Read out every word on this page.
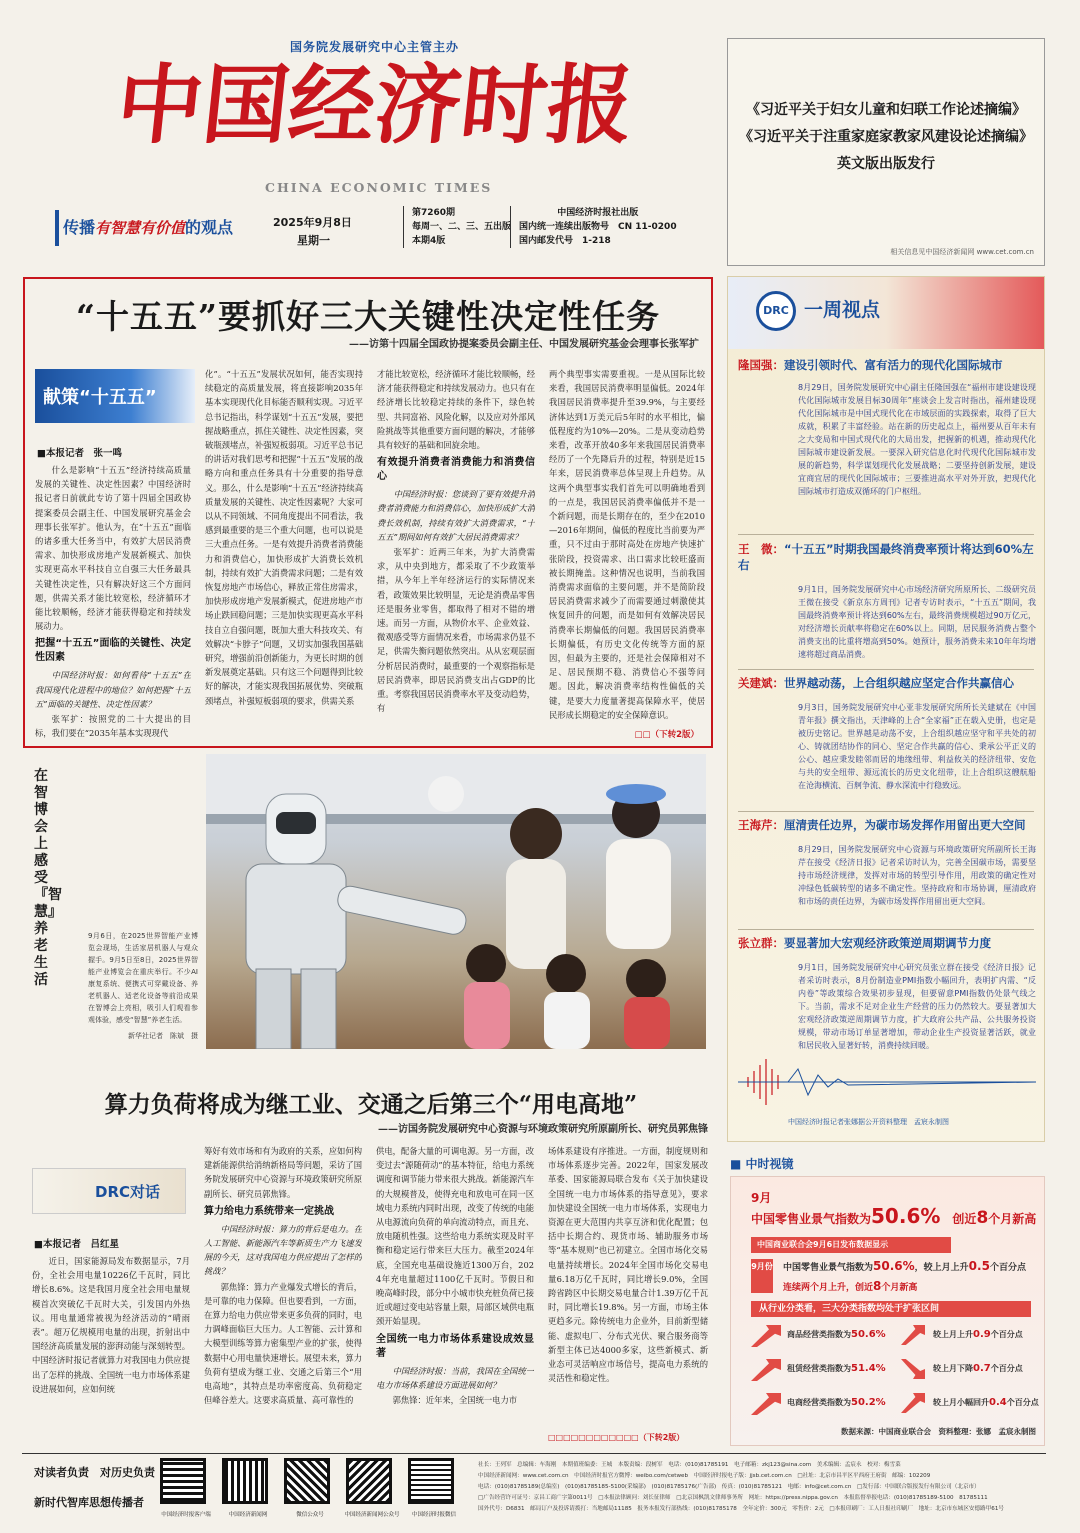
国务院发展研究中心主管主办
中国经济时报
CHINA ECONOMIC TIMES
传播有智慧有价值的观点	2025年9月8日
星期一
第7260期
每周一、二、三、五出版
本期4版
中国经济时报社出版
国内统一连续出版物号　CN 11-0200
国内邮发代号　1-218
《习近平关于妇女儿童和妇联工作论述摘编》
《习近平关于注重家庭家教家风建设论述摘编》
英文版出版发行
相关信息见中国经济新闻网 www.cet.com.cn
“十五五”要抓好三大关键性决定性任务
——访第十四届全国政协提案委员会副主任、中国发展研究基金会理事长张军扩
献策“十五五”
■本报记者　张一鸣

什么是影响“十五五”经济持续高质量发展的关键性、决定性因素？中国经济时报记者日前就此专访了第十四届全国政协提案委员会副主任、中国发展研究基金会理事长张军扩。他认为，在“十五五”面临的诸多重大任务当中，有效扩大居民消费需求、加快形成房地产发展新模式、加快实现更高水平科技自立自强三大任务最具关键性决定性，只有解决好这三个方面问题，供需关系才能比较宽松，经济循环才能比较顺畅，经济才能获得稳定和持续发展动力。

把握“十五五”面临的关键性、决定性因素

中国经济时报：如何看待“十五五”在我国现代化进程中的地位？如何把握“十五五”面临的关键性、决定性因素？

张军扩：按照党的二十大提出的目标，我们要在“2035年基本实现现代

化”。“十五五”发展状况如何，能否实现持续稳定的高质量发展，将直接影响2035年基本实现现代化目标能否顺利实现。习近平总书记指出，科学谋划“十五五”发展，要把握战略重点，抓住关键性、决定性因素，突破瓶颈堵点，补强短板弱项。习近平总书记的讲话对我们思考和把握“十五五”发展的战略方向和重点任务具有十分重要的指导意义。那么，什么是影响“十五五”经济持续高质量发展的关键性、决定性因素呢？大家可以从不同领域、不同角度提出不同看法，我感到最重要的是三个重大问题，也可以说是三大重点任务。一是有效提升消费者消费能力和消费信心，加快形成扩大消费长效机制，持续有效扩大消费需求问题；二是有效恢复房地产市场信心，释放正常住房需求，加快形成房地产发展新模式，促进房地产市场止跌回稳问题；三是加快实现更高水平科技自立自强问题，既加大重大科技攻关、有效解决“卡脖子”问题，又切实加强我国基础研究，增强前沿创新能力，为更长时期的创新发展奠定基础。只有这三个问题得到比较好的解决，才能实现我国拓展优势、突破瓶颈堵点，补强短板弱项的要求，供需关系

才能比较宽松，经济循环才能比较顺畅，经济才能获得稳定和持续发展动力。也只有在经济增长比较稳定持续的条件下，绿色转型、共同富裕、风险化解，以及应对外部风险挑战等其他重要方面问题的解决，才能够具有较好的基础和回旋余地。

有效提升消费者消费能力和消费信心

中国经济时报：您谈到了要有效提升消费者消费能力和消费信心，加快形成扩大消费长效机制，持续有效扩大消费需求，“十五五”期间如何有效扩大居民消费需求？

张军扩：近两三年来，为扩大消费需求，从中央到地方，都采取了不少政策举措，从今年上半年经济运行的实际情况来看，政策效果比较明显，无论是消费品零售还是服务业零售，都取得了相对不错的增速。而另一方面，从物价水平、企业效益、微观感受等方面情况来看，市场需求仍显不足，供需失衡问题依然突出。从从宏观层面分析居民消费时，最重要的一个观察指标是居民消费率，即居民消费支出占GDP的比重。考察我国居民消费率水平及变动趋势，有

两个典型事实需要重视。一是从国际比较来看，我国居民消费率明显偏低。2024年我国居民消费率提升至39.9%，与主要经济体达到1万美元后5年时的水平相比，偏低程度约为10%—20%。二是从变动趋势来看，改革开放40多年来我国居民消费率经历了一个先降后升的过程，特别是近15年来，居民消费率总体呈现上升趋势。从这两个典型事实我们首先可以明确地看到的一点是，我国居民消费率偏低并不是一个新问题，而是长期存在的，至少在2010—2016年期间，偏低的程度比当前要为严重，只不过由于那时高处在房地产快速扩张阶段，投资需求、出口需求比较旺盛而被长期掩盖。这种情况也说明，当前我国消费需求面临的主要问题，并不是简阶段居民消费需求减少了而需要通过刺激使其恢复回升的问题，而是如何有效解决居民消费率长期偏低的问题。我国居民消费率长期偏低，有历史文化传统等方面的原因，但最为主要的，还是社会保障相对不足、居民预期不稳、消费信心不强等问题。因此，解决消费率结构性偏低的关键，是要大力度量著提高保障水平，使居民形成长期稳定的安全保障意识。

□□（下转2版）
在智博会上感受『智慧』养老生活
9月6日，在2025世界智能产业博览会现场，生活家居机器人与观众握手。9月5日至8日，2025世界智能产业博览会在重庆举行。不少AI康复系统、便携式可穿戴设备、养老机器人、适老化设备等前沿成果在智博会上亮相，吸引人们观看参观体验，感受“智慧”养老生活。
新华社记者　陈斌　摄
算力负荷将成为继工业、交通之后第三个“用电高地”
——访国务院发展研究中心资源与环境政策研究所原副所长、研究员郭焦锋
DRC对话
■本报记者　吕红星

近日，国家能源局发布数据显示，7月份，全社会用电量10226亿千瓦时，同比增长8.6%。这是我国月度全社会用电量规模首次突破亿千瓦时大关，引发国内外热议。用电量通常被视为经济活动的“晴雨表”。超万亿规模用电量的出现，折射出中国经济高质量发展的澎湃动能与深刻转型。中国经济时报记者就算力对我国电力供应提出了怎样的挑战、全国统一电力市场体系建设进展如何，应如何统

筹好有效市场和有为政府的关系，应如何构建新能源供给消纳新格局等问题，采访了国务院发展研究中心资源与环境政策研究所原副所长、研究员郭焦锋。

算力给电力系统带来一定挑战

中国经济时报：算力的背后是电力。在人工智能、新能源汽车等新质生产力飞速发展的今天，这对我国电力供应提出了怎样的挑战？

郭焦锋：算力产业爆发式增长的背后，是可靠的电力保障。但也要看到，一方面，在算力给电力供应带来更多负荷的同时，电力调峰面临巨大压力。人工智能、云计算和大模型训练等算力密集型产业的扩张，使得数据中心用电量快速增长。展望未来，算力负荷有望成为继工业、交通之后第三个“用电高地”，其特点是功率密度高、负荷稳定但峰谷差大。这要求高质量、高可靠性的

供电，配备大量的可调电源。另一方面，改变过去“源随荷动”的基本特征，给电力系统调度和调节能力带来很大挑战。新能源汽车的大规模普及，使得充电和放电可在同一区域电力系统内同时出现，改变了传统的电能从电源流向负荷的单向流动特点，而且充、放电随机性强。这些给电力系统实现及时平衡和稳定运行带来巨大压力。截至2024年底，全国充电基础设施近1300万台，2024年充电量超过1100亿千瓦时。节假日和晚高峰时段，部分中小城市快充桩负荷已接近或超过变电站容量上限，局部区域供电瓶颈开始显现。

全国统一电力市场体系建设成效显著

中国经济时报：当前，我国在全国统一电力市场体系建设方面进展如何？

郭焦锋：近年来，全国统一电力市

场体系建设有序推进。一方面，制度规则和市场体系逐步完善。2022年，国家发展改革委、国家能源局联合发布《关于加快建设全国统一电力市场体系的指导意见》，要求加快建设全国统一电力市场体系，实现电力资源在更大范围内共享互济和优化配置；包括中长期合约、现货市场、辅助服务市场等“基本规则”也已初建立。全国市场化交易电量持续增长。2024年全国市场化交易电量6.18万亿千瓦时，同比增长9.0%，全国跨省跨区中长期交易电量合计1.39万亿千瓦时，同比增长19.8%。另一方面，市场主体更趋多元。除传统电力企业外，目前新型储能、虚拟电厂、分布式光伏、聚合服务商等新型主体已达4000多家，这些新模式、新业态可灵活响应市场信号，提高电力系统的灵活性和稳定性。

□□□□□□□□□□□□（下转2版）
DRC 一周视点
隆国强：建设引领时代、富有活力的现代化国际城市
8月29日，国务院发展研究中心副主任隆国强在“福州市建设建设现代化国际城市发展目标30周年”座谈会上发言时指出，福州建设现代化国际城市是中国式现代化在市域层面的实践探索，取得了巨大成就，积累了丰富经验。站在新的历史起点上，福州要从百年未有之大变局和中国式现代化的大局出发，把握新的机遇，推动现代化国际城市建设新发展。一要深入研究信息化时代现代化国际城市发展的新趋势，科学谋划现代化发展战略；二要坚持创新发展，建设宜商宜居的现代化国际城市；三要推进高水平对外开放，把现代化国际城市打造成双循环的门户枢纽。
王　微：“十五五”时期我国最终消费率预计将达到60%左右
9月1日，国务院发展研究中心市场经济研究所原所长、二级研究员王微在接受《新京东方周刊》记者专访时表示，“十五五”期间，我国最终消费率预计将达到60%左右，最终消费规模超过90万亿元，对经济增长贡献率将稳定在60%以上。同期，居民服务消费占整个消费支出的比重将增高到50%。她预计，服务消费未来10年年均增速将超过商品消费。
关建斌：世界越动荡，上合组织越应坚定合作共赢信心
9月3日，国务院发展研究中心亚非发展研究所所长关建斌在《中国青年报》撰文指出，天津峰的上合“全家福”正在载入史册，也定是被历史铭记。世界越是动荡不安，上合组织越应坚守和平共处的初心、铸就团结协作的同心、坚定合作共赢的信心、秉承公平正义的公心、越应秉发睦邻而居的地缘纽带、利益攸关的经济纽带、安危与共的安全纽带、源远流长的历史文化纽带，让上合组织这艘航船在沧海横流、百舸争流、静水深流中行稳致远。
王海芹：厘清责任边界，为碳市场发挥作用留出更大空间
8月29日，国务院发展研究中心资源与环境政策研究所副所长王海芹在接受《经济日报》记者采访时认为，完善全国碳市场，需要坚持市场经济规律，发挥对市场的转型引导作用，用政策的确定性对冲绿色低碳转型的诸多不确定性。坚持政府和市场协调，厘清政府和市场的责任边界，为碳市场发挥作用留出更大空间。
张立群：要显著加大宏观经济政策逆周期调节力度
9月1日，国务院发展研究中心研究员张立群在接受《经济日报》记者采访时表示，8月份制造业PMI指数小幅回升，表明扩内需、“反内卷”等政策综合效果初步显现，但要留意PMI指数仍处景气线之下。当前，需求不足对企业生产经营的压力仍然较大。要显著加大宏观经济政策逆周期调节力度，扩大政府公共产品、公共服务投资规模，带动市场订单显著增加，带动企业生产投资显著活跃，就业和居民收入显著好转，消费持续回暖。
中国经济时报记者张娜据公开资料整理　孟宸永制图
■ 中时视镜
9月
中国零售业景气指数为50.6%　 创近8个月新高
中国商业联合会9月6日发布数据显示
9月份 中国零售业景气指数为50.6%，较上月上升0.5个百分点
连续两个月上升，创近8个月新高
从行业分类看，三大分类指数均处于扩张区间
商品经营类指数为50.6%	较上月上升0.9个百分点
租赁经营类指数为51.4%	较上月下降0.7个百分点
电商经营类指数为50.2%	较上月小幅回升0.4个百分点
数据来源：中国商业联合会　资料整理：张娜　孟宸永制图
对读者负责　对历史负责
新时代智库思想传播者
中国经济时报客户端	中国经济新闻网	微信公众号	中国经济新闻网公众号	中国经济时报微信
社长：王列军　总编辑：车海刚　本期值班编委：王城　本版责编：段树军　电话：(010)81785191　电子邮箱：zkj123@sina.com　美术编辑：孟宸永　校对：梅雪菜
中国经济新闻网：www.cet.com.cn　中国经济时报官方微博：weibo.com/cetweb　中国经济时报电子版：jjsb.cet.com.cn　□社址：北京市昌平区平西府王府街　邮编：102209
电话：(010)81785189(总编室)　(010)81785185-5100(采编部)　(010)81785176(广告部)　传真：(010)81785121　电邮：info@cet.com.cn　□发行部：中国联合版报发行有限公司（北京市）
□广告经营许可证号：京昌工商广字第0011号　□本报法律顾问：刘长征律师　□北京国枫凯文律师事务所　网址：https://press.nippa.gov.cn　本报监督举报电话：(010)81785189-5100　81785111
国外代号：D6831　邮局订户及投诉请拨打：当地邮局11185　报务本报发行部热线：(010)81785178　全年定价：300元　零售价：2元　□本报印刷厂：工人日报社印刷厂　地址：北京市东城区安德路甲61号
